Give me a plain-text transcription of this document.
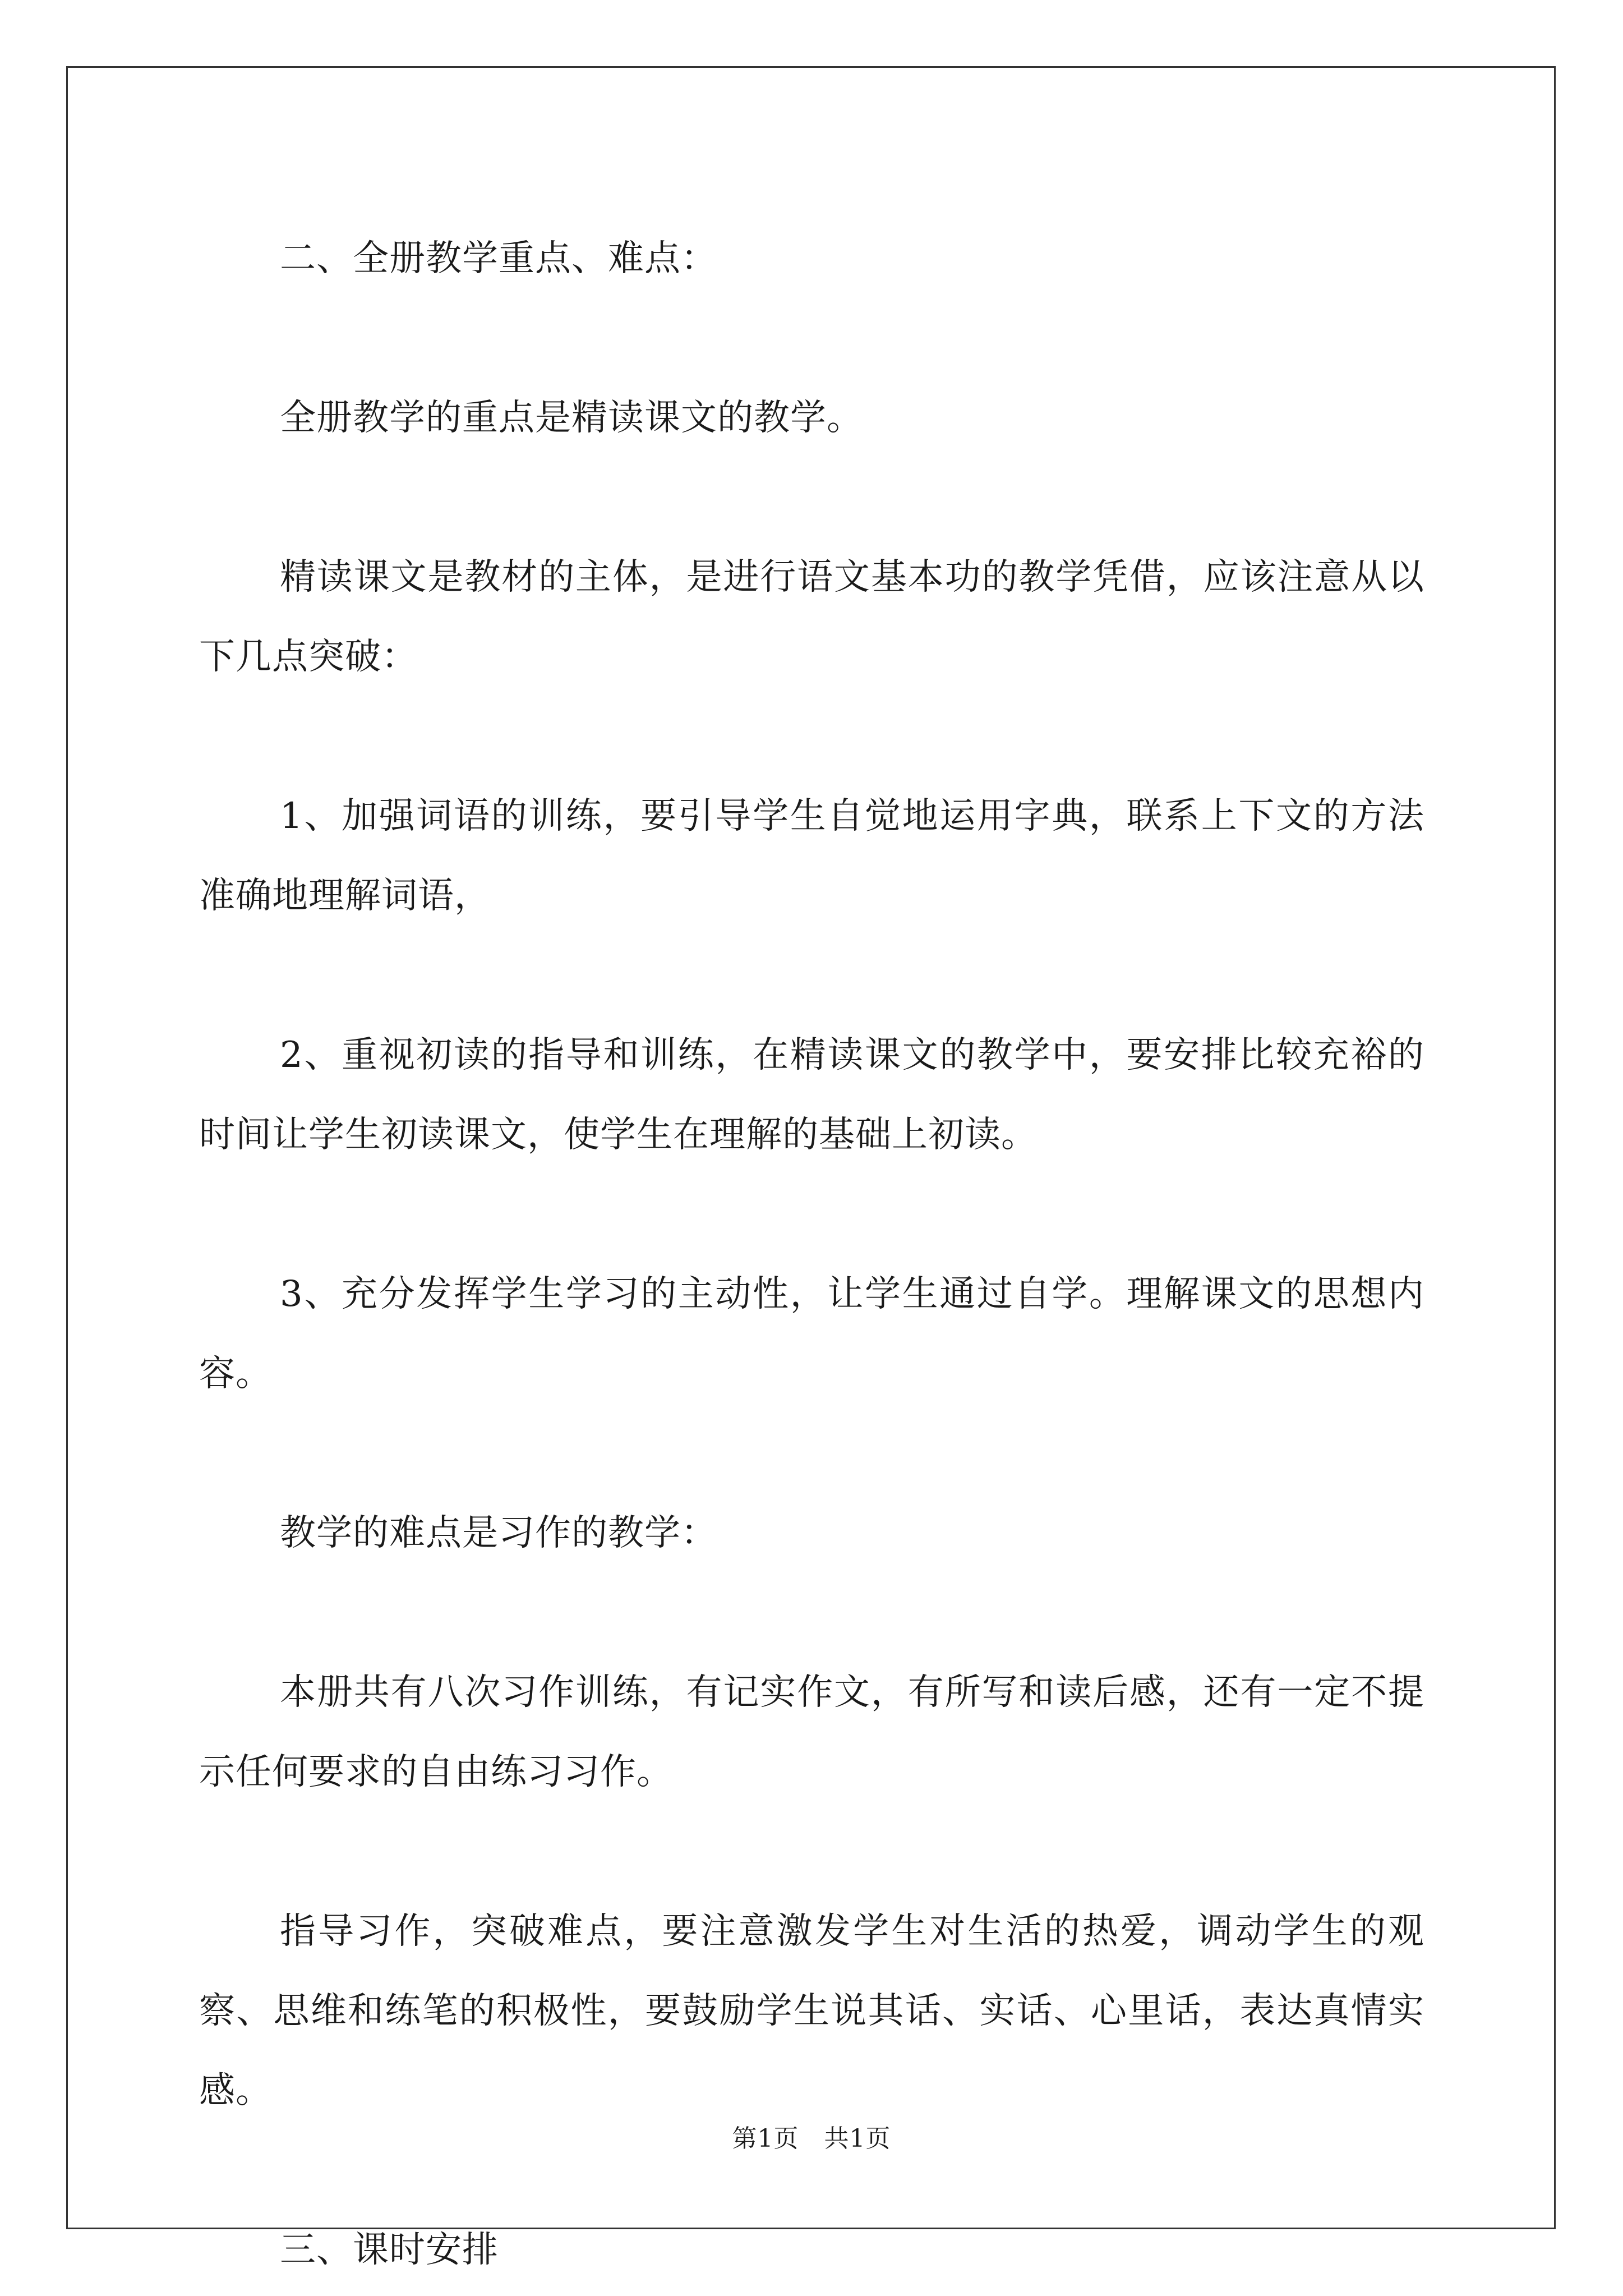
二、全册教学重点、难点：

全册教学的重点是精读课文的教学。

精读课文是教材的主体，是进行语文基本功的教学凭借，应该注意从以下几点突破：

1、加强词语的训练，要引导学生自觉地运用字典，联系上下文的方法准确地理解词语，

2、重视初读的指导和训练，在精读课文的教学中，要安排比较充裕的时间让学生初读课文，使学生在理解的基础上初读。

3、充分发挥学生学习的主动性，让学生通过自学。理解课文的思想内容。

教学的难点是习作的教学：

本册共有八次习作训练，有记实作文，有所写和读后感，还有一定不提示任何要求的自由练习习作。

指导习作，突破难点，要注意激发学生对生活的热爱，调动学生的观察、思维和练笔的积极性，要鼓励学生说其话、实话、心里话，表达真情实感。

三、课时安排

第1页　共1页
